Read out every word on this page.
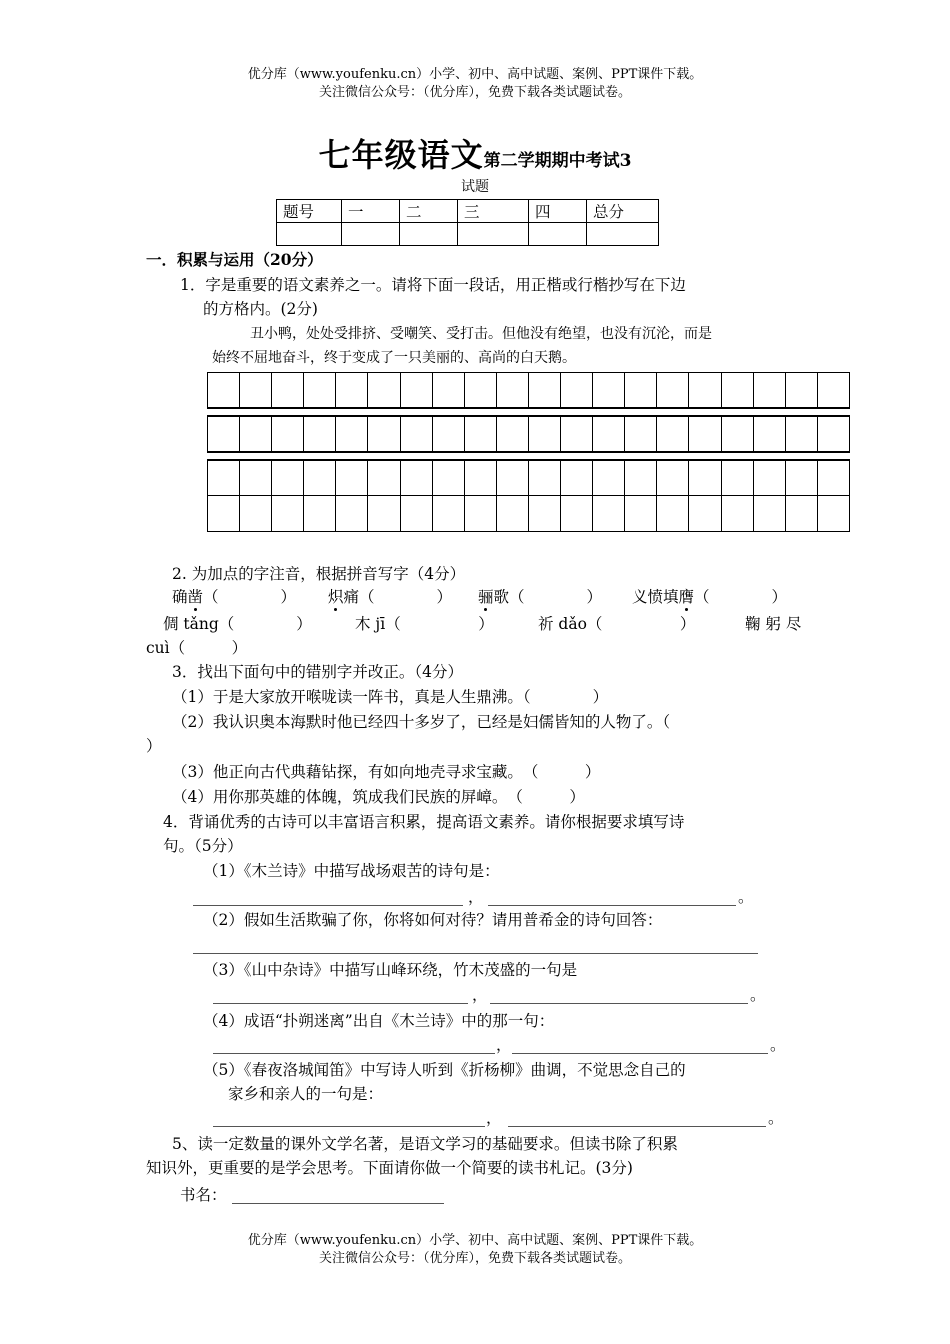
优分库（www.youfenku.cn）小学、初中、高中试题、案例、PPT课件下载。
关注微信公众号：（优分库），免费下载各类试题试卷。
七年级语文第二学期期中考试3
试题
题号	一	二	三	四	总分

一．积累与运用（20分）
1．字是重要的语文素养之一。请将下面一段话，用正楷或行楷抄写在下边
的方格内。(2分)
丑小鸭，处处受排挤、受嘲笑、受打击。但他没有绝望，也没有沉沦，而是
始终不屈地奋斗，终于变成了一只美丽的、高尚的白天鹅。
2. 为加点的字注音，根据拼音写字（4分）
确凿（　　　　） 炽痛（　　　　） 骊歌（　　　　） 义愤填膺（　　　　）
倜 tǎng（　　　　）	木 jī（　　　　　）	祈 dǎo（　　　　　）	鞠 躬 尽
cuì（　　　）
3．找出下面句中的错别字并改正。（4分）
（1）于是大家放开喉咙读一阵书，真是人生鼎沸。（　　　　）
（2）我认识奥本海默时他已经四十多岁了，已经是妇儒皆知的人物了。（
）
（3）他正向古代典藉钻探，有如向地壳寻求宝藏。　（　　　）
（4）用你那英雄的体魄，筑成我们民族的屏嶂。　（　　　）
4．背诵优秀的古诗可以丰富语言积累，提高语文素养。请你根据要求填写诗
句。（5分）
（1）《木兰诗》中描写战场艰苦的诗句是：
，	。
（2）假如生活欺骗了你，你将如何对待？请用普希金的诗句回答：
（3）《山中杂诗》中描写山峰环绕，竹木茂盛的一句是
，	。
（4）成语“扑朔迷离”出自《木兰诗》中的那一句：
，	。
（5）《春夜洛城闻笛》中写诗人听到《折杨柳》曲调，不觉思念自己的
家乡和亲人的一句是：
，	。
5、读一定数量的课外文学名著，是语文学习的基础要求。但读书除了积累
知识外，更重要的是学会思考。下面请你做一个简要的读书札记。(3分)
书名：
优分库（www.youfenku.cn）小学、初中、高中试题、案例、PPT课件下载。
关注微信公众号：（优分库），免费下载各类试题试卷。
